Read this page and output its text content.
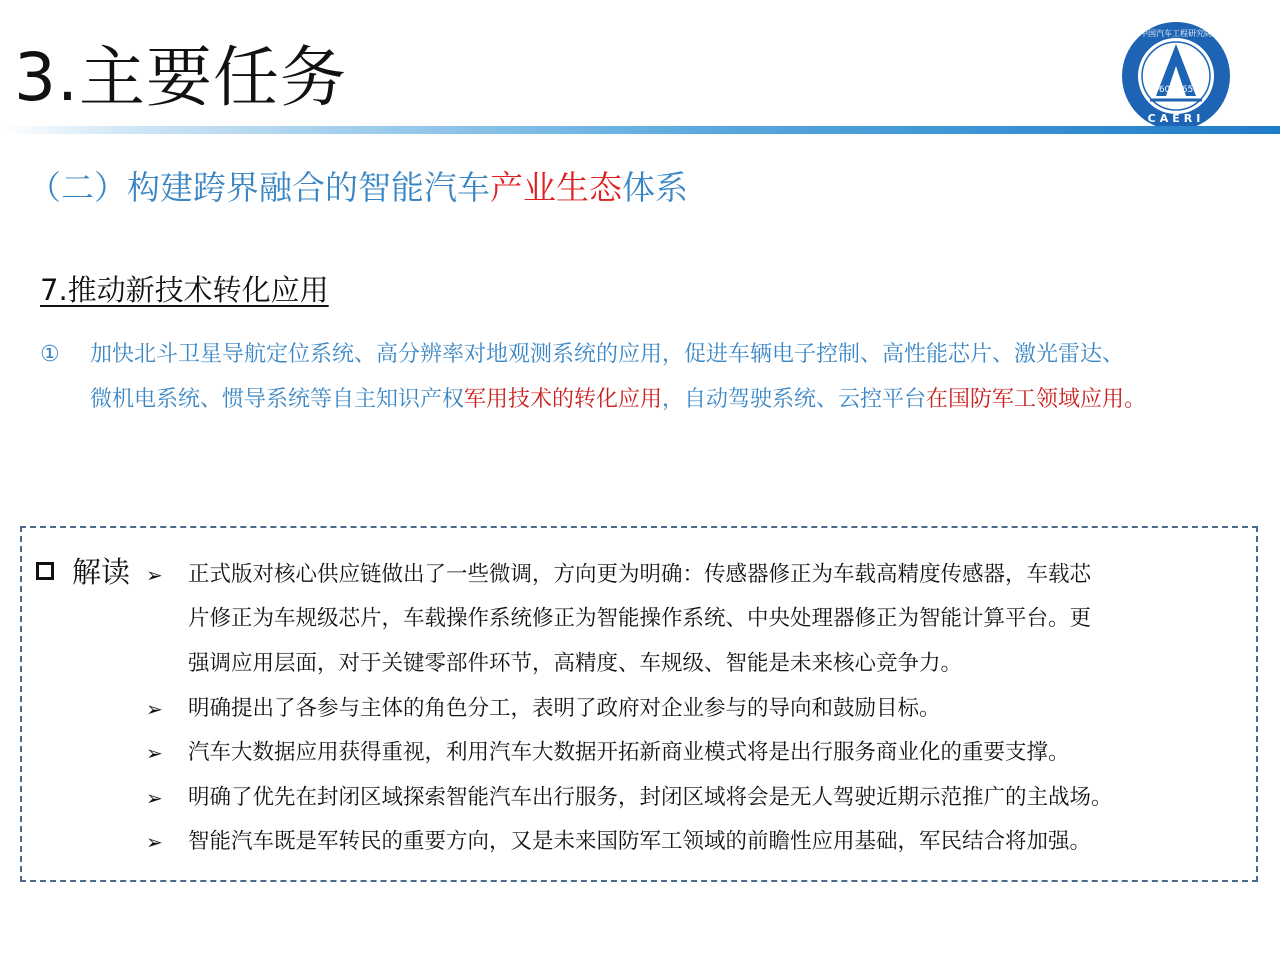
3.主要任务	601965
CAERI
中国汽车工程研究院
（二）构建跨界融合的智能汽车产业生态体系
7.推动新技术转化应用
① 加快北斗卫星导航定位系统、高分辨率对地观测系统的应用，促进车辆电子控制、高性能芯片、激光雷达、
微机电系统、惯导系统等自主知识产权军用技术的转化应用，自动驾驶系统、云控平台在国防军工领域应用。
解读 ➢ 正式版对核心供应链做出了一些微调，方向更为明确：传感器修正为车载高精度传感器，车载芯
片修正为车规级芯片，车载操作系统修正为智能操作系统、中央处理器修正为智能计算平台。更
强调应用层面，对于关键零部件环节，高精度、车规级、智能是未来核心竞争力。
➢ 明确提出了各参与主体的角色分工，表明了政府对企业参与的导向和鼓励目标。
➢ 汽车大数据应用获得重视，利用汽车大数据开拓新商业模式将是出行服务商业化的重要支撑。
➢ 明确了优先在封闭区域探索智能汽车出行服务，封闭区域将会是无人驾驶近期示范推广的主战场。
➢ 智能汽车既是军转民的重要方向，又是未来国防军工领域的前瞻性应用基础，军民结合将加强。
